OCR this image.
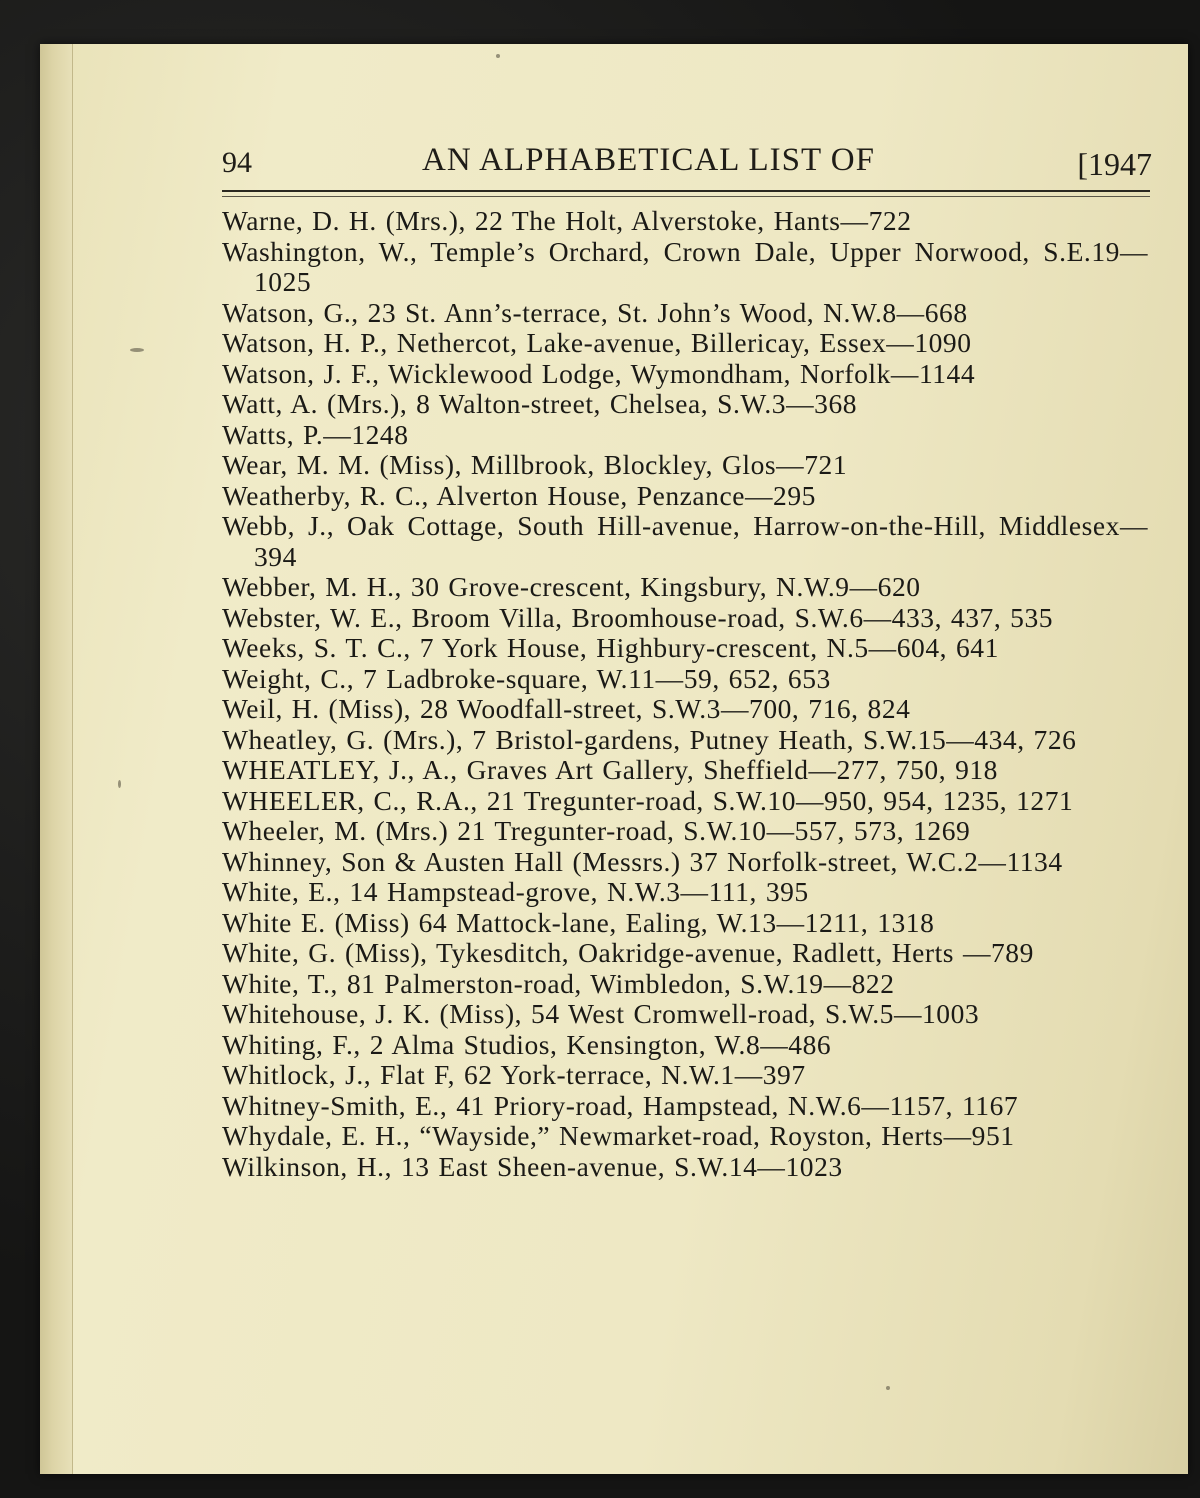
94	AN ALPHABETICAL LIST OF	[1947
Warne, D. H. (Mrs.), 22 The Holt, Alverstoke, Hants—722
Washington, W., Temple’s Orchard, Crown Dale, Upper Norwood, S.E.19—1025
Watson, G., 23 St. Ann’s-terrace, St. John’s Wood, N.W.8—668
Watson, H. P., Nethercot, Lake-avenue, Billericay, Essex—1090
Watson, J. F., Wicklewood Lodge, Wymondham, Norfolk—1144
Watt, A. (Mrs.), 8 Walton-street, Chelsea, S.W.3—368
Watts, P.—1248
Wear, M. M. (Miss), Millbrook, Blockley, Glos—721
Weatherby, R. C., Alverton House, Penzance—295
Webb, J., Oak Cottage, South Hill-avenue, Harrow-on-the-Hill, Middlesex—394
Webber, M. H., 30 Grove-crescent, Kingsbury, N.W.9—620
Webster, W. E., Broom Villa, Broomhouse-road, S.W.6—433, 437, 535
Weeks, S. T. C., 7 York House, Highbury-crescent, N.5—604, 641
Weight, C., 7 Ladbroke-square, W.11—59, 652, 653
Weil, H. (Miss), 28 Woodfall-street, S.W.3—700, 716, 824
Wheatley, G. (Mrs.), 7 Bristol-gardens, Putney Heath, S.W.15—434, 726
WHEATLEY, J., A., Graves Art Gallery, Sheffield—277, 750, 918
WHEELER, C., R.A., 21 Tregunter-road, S.W.10—950, 954, 1235, 1271
Wheeler, M. (Mrs.) 21 Tregunter-road, S.W.10—557, 573, 1269
Whinney, Son & Austen Hall (Messrs.) 37 Norfolk-street, W.C.2—1134
White, E., 14 Hampstead-grove, N.W.3—111, 395
White E. (Miss) 64 Mattock-lane, Ealing, W.13—1211, 1318
White, G. (Miss), Tykesditch, Oakridge-avenue, Radlett, Herts —789
White, T., 81 Palmerston-road, Wimbledon, S.W.19—822
Whitehouse, J. K. (Miss), 54 West Cromwell-road, S.W.5—1003
Whiting, F., 2 Alma Studios, Kensington, W.8—486
Whitlock, J., Flat F, 62 York-terrace, N.W.1—397
Whitney-Smith, E., 41 Priory-road, Hampstead, N.W.6—1157, 1167
Whydale, E. H., “Wayside,” Newmarket-road, Royston, Herts—951
Wilkinson, H., 13 East Sheen-avenue, S.W.14—1023
